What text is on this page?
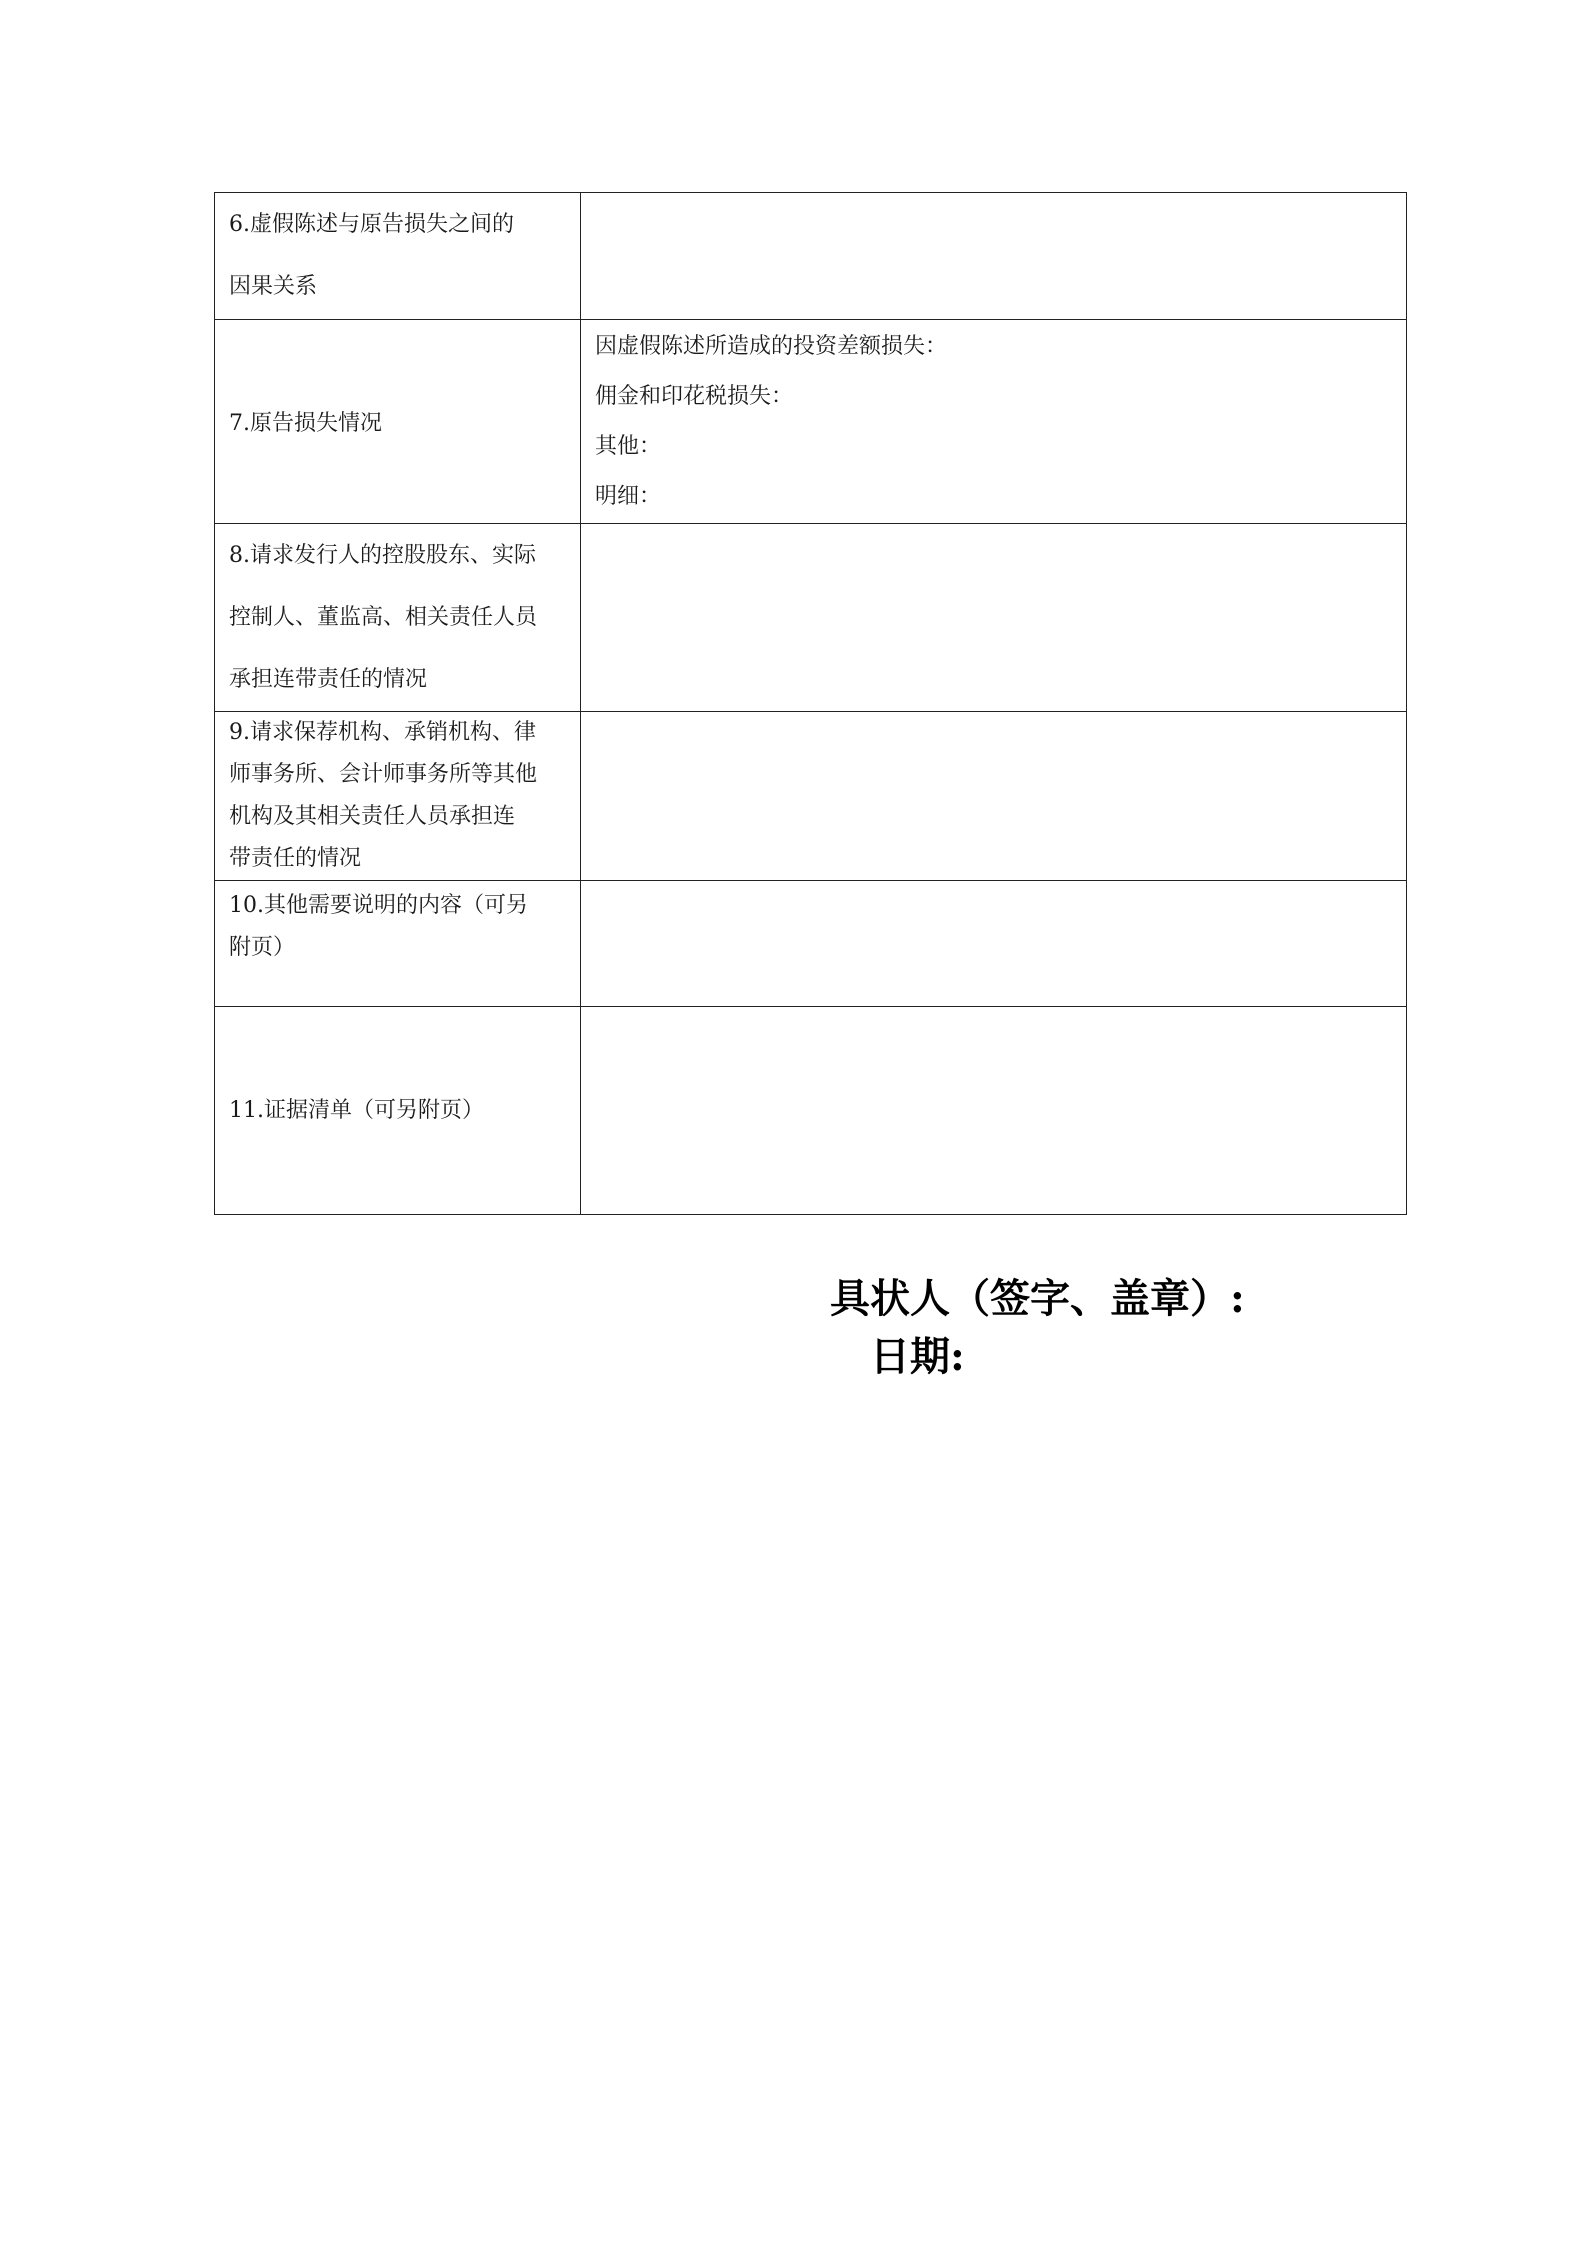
6.虚假陈述与原告损失之间的
因果关系	

7.原告损失情况	因虚假陈述所造成的投资差额损失：
佣金和印花税损失：
其他：
明细：

8.请求发行人的控股股东、实际
控制人、董监高、相关责任人员
承担连带责任的情况	

9.请求保荐机构、承销机构、律
师事务所、会计师事务所等其他
机构及其相关责任人员承担连
带责任的情况	

10.其他需要说明的内容（可另
附页）	

11.证据清单（可另附页）	
具状人（签字、盖章）:
日期:
